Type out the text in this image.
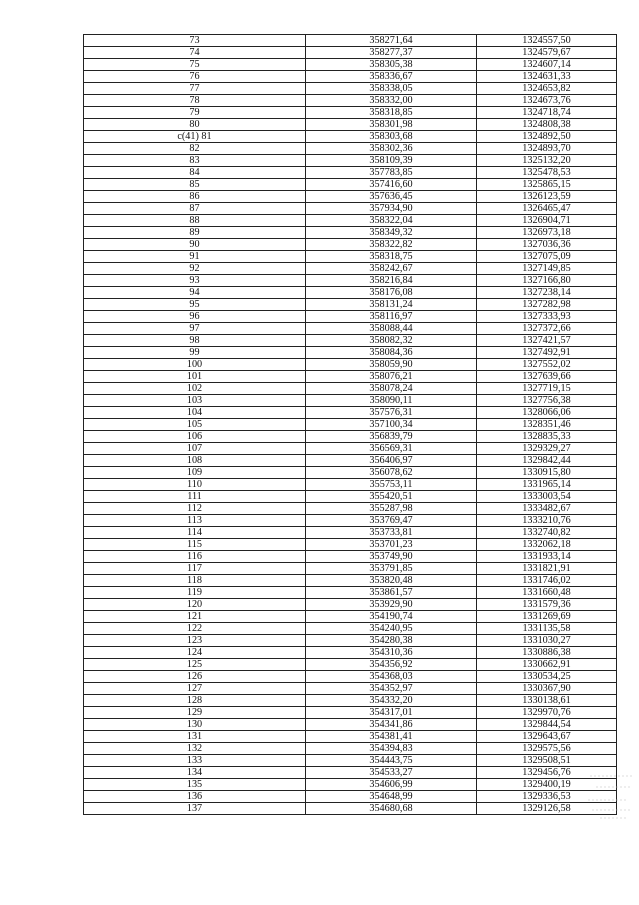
73	358271,64	1324557,50
74	358277,37	1324579,67
75	358305,38	1324607,14
76	358336,67	1324631,33
77	358338,05	1324653,82
78	358332,00	1324673,76
79	358318,85	1324718,74
80	358301,98	1324808,38
c(41) 81	358303,68	1324892,50
82	358302,36	1324893,70
83	358109,39	1325132,20
84	357783,85	1325478,53
85	357416,60	1325865,15
86	357636,45	1326123,59
87	357934,90	1326465,47
88	358322,04	1326904,71
89	358349,32	1326973,18
90	358322,82	1327036,36
91	358318,75	1327075,09
92	358242,67	1327149,85
93	358216,84	1327166,80
94	358176,08	1327238,14
95	358131,24	1327282,98
96	358116,97	1327333,93
97	358088,44	1327372,66
98	358082,32	1327421,57
99	358084,36	1327492,91
100	358059,90	1327552,02
101	358076,21	1327639,66
102	358078,24	1327719,15
103	358090,11	1327756,38
104	357576,31	1328066,06
105	357100,34	1328351,46
106	356839,79	1328835,33
107	356569,31	1329329,27
108	356406,97	1329842,44
109	356078,62	1330915,80
110	355753,11	1331965,14
111	355420,51	1333003,54
112	355287,98	1333482,67
113	353769,47	1333210,76
114	353733,81	1332740,82
115	353701,23	1332062,18
116	353749,90	1331933,14
117	353791,85	1331821,91
118	353820,48	1331746,02
119	353861,57	1331660,48
120	353929,90	1331579,36
121	354190,74	1331269,69
122	354240,95	1331135,58
123	354280,38	1331030,27
124	354310,36	1330886,38
125	354356,92	1330662,91
126	354368,03	1330534,25
127	354352,97	1330367,90
128	354332,20	1330138,61
129	354317,01	1329970,76
130	354341,86	1329844,54
131	354381,41	1329643,67
132	354394,83	1329575,56
133	354443,75	1329508,51
134	354533,27	1329456,76
135	354606,99	1329400,19
136	354648,99	1329336,53
137	354680,68	1329126,58
